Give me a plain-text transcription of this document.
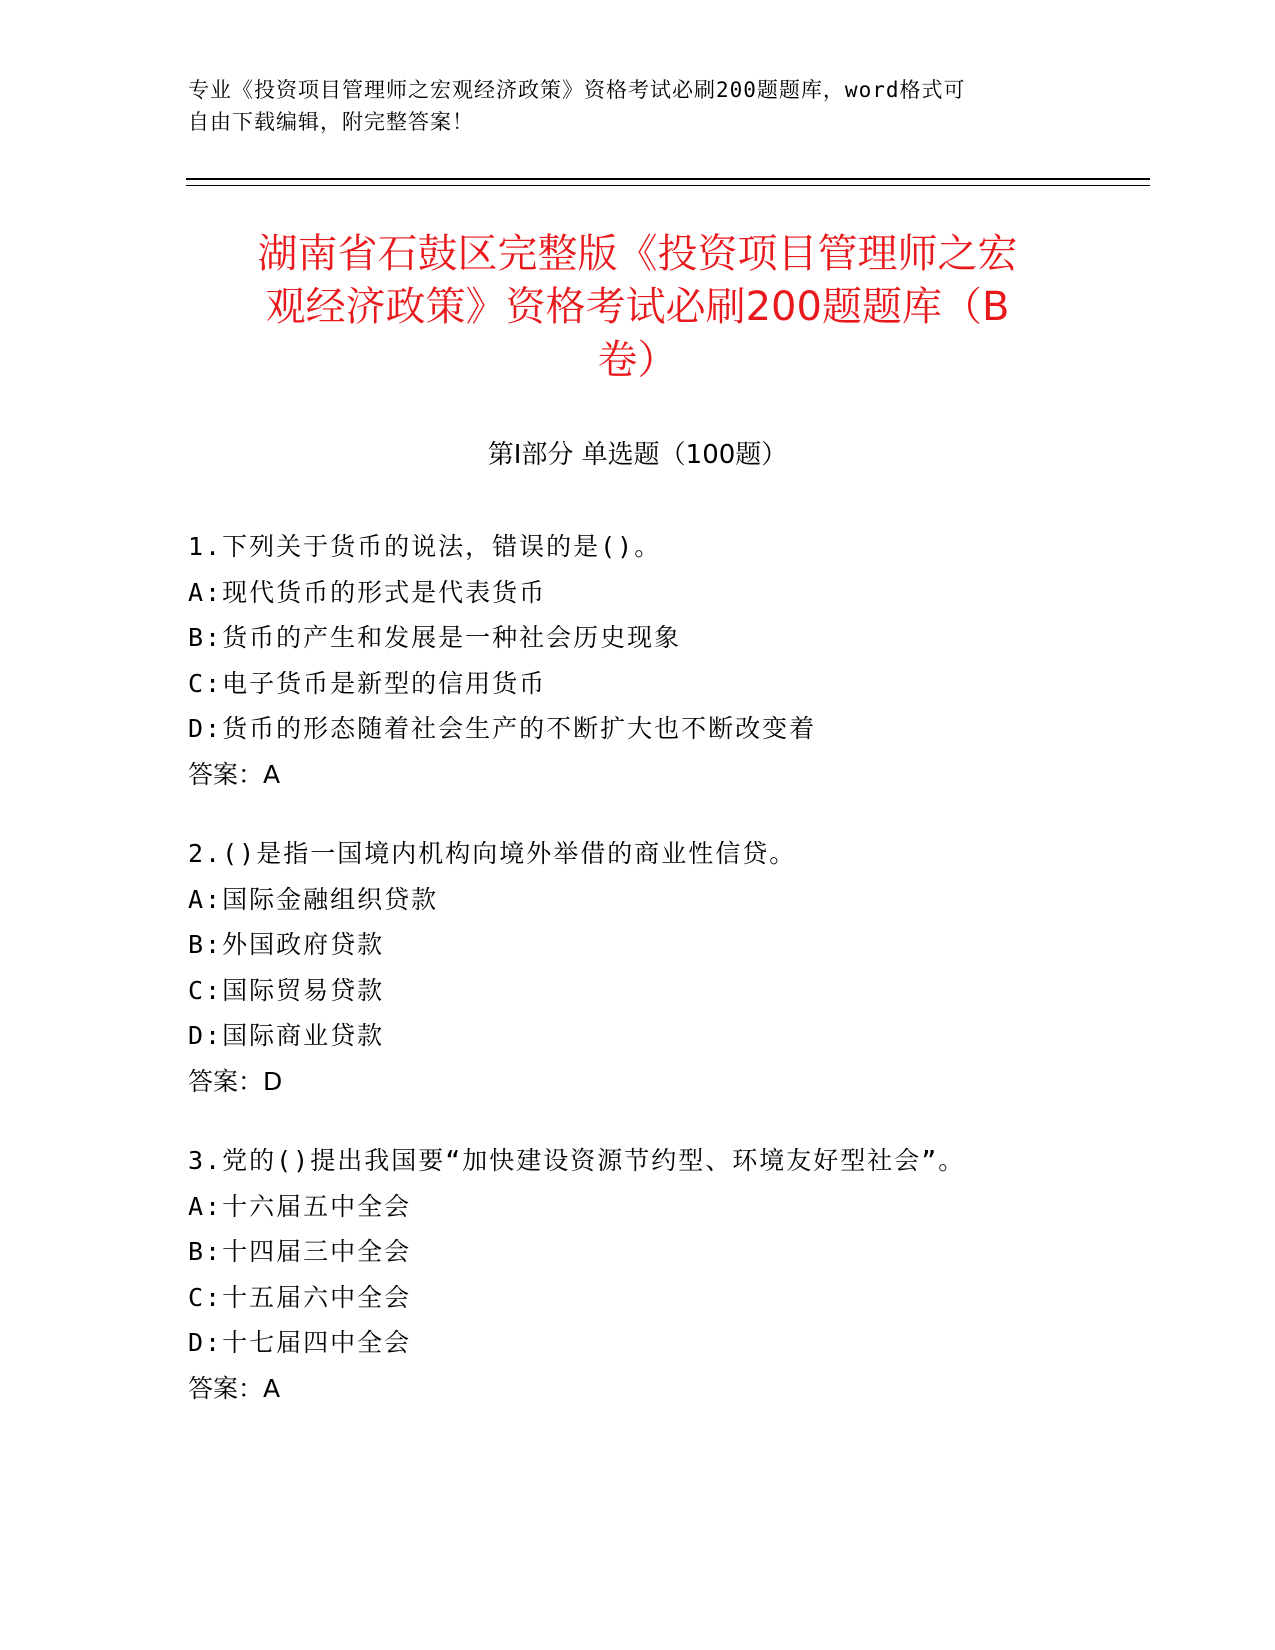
专业《投资项目管理师之宏观经济政策》资格考试必刷200题题库，word格式可
自由下载编辑，附完整答案！
湖南省石鼓区完整版《投资项目管理师之宏
观经济政策》资格考试必刷200题题库（B
卷）
第Ⅰ部分 单选题（100题）
1.下列关于货币的说法，错误的是()。
A:现代货币的形式是代表货币
B:货币的产生和发展是一种社会历史现象
C:电子货币是新型的信用货币
D:货币的形态随着社会生产的不断扩大也不断改变着
答案：A
2.()是指一国境内机构向境外举借的商业性信贷。
A:国际金融组织贷款
B:外国政府贷款
C:国际贸易贷款
D:国际商业贷款
答案：D
3.党的()提出我国要“加快建设资源节约型、环境友好型社会”。
A:十六届五中全会
B:十四届三中全会
C:十五届六中全会
D:十七届四中全会
答案：A
